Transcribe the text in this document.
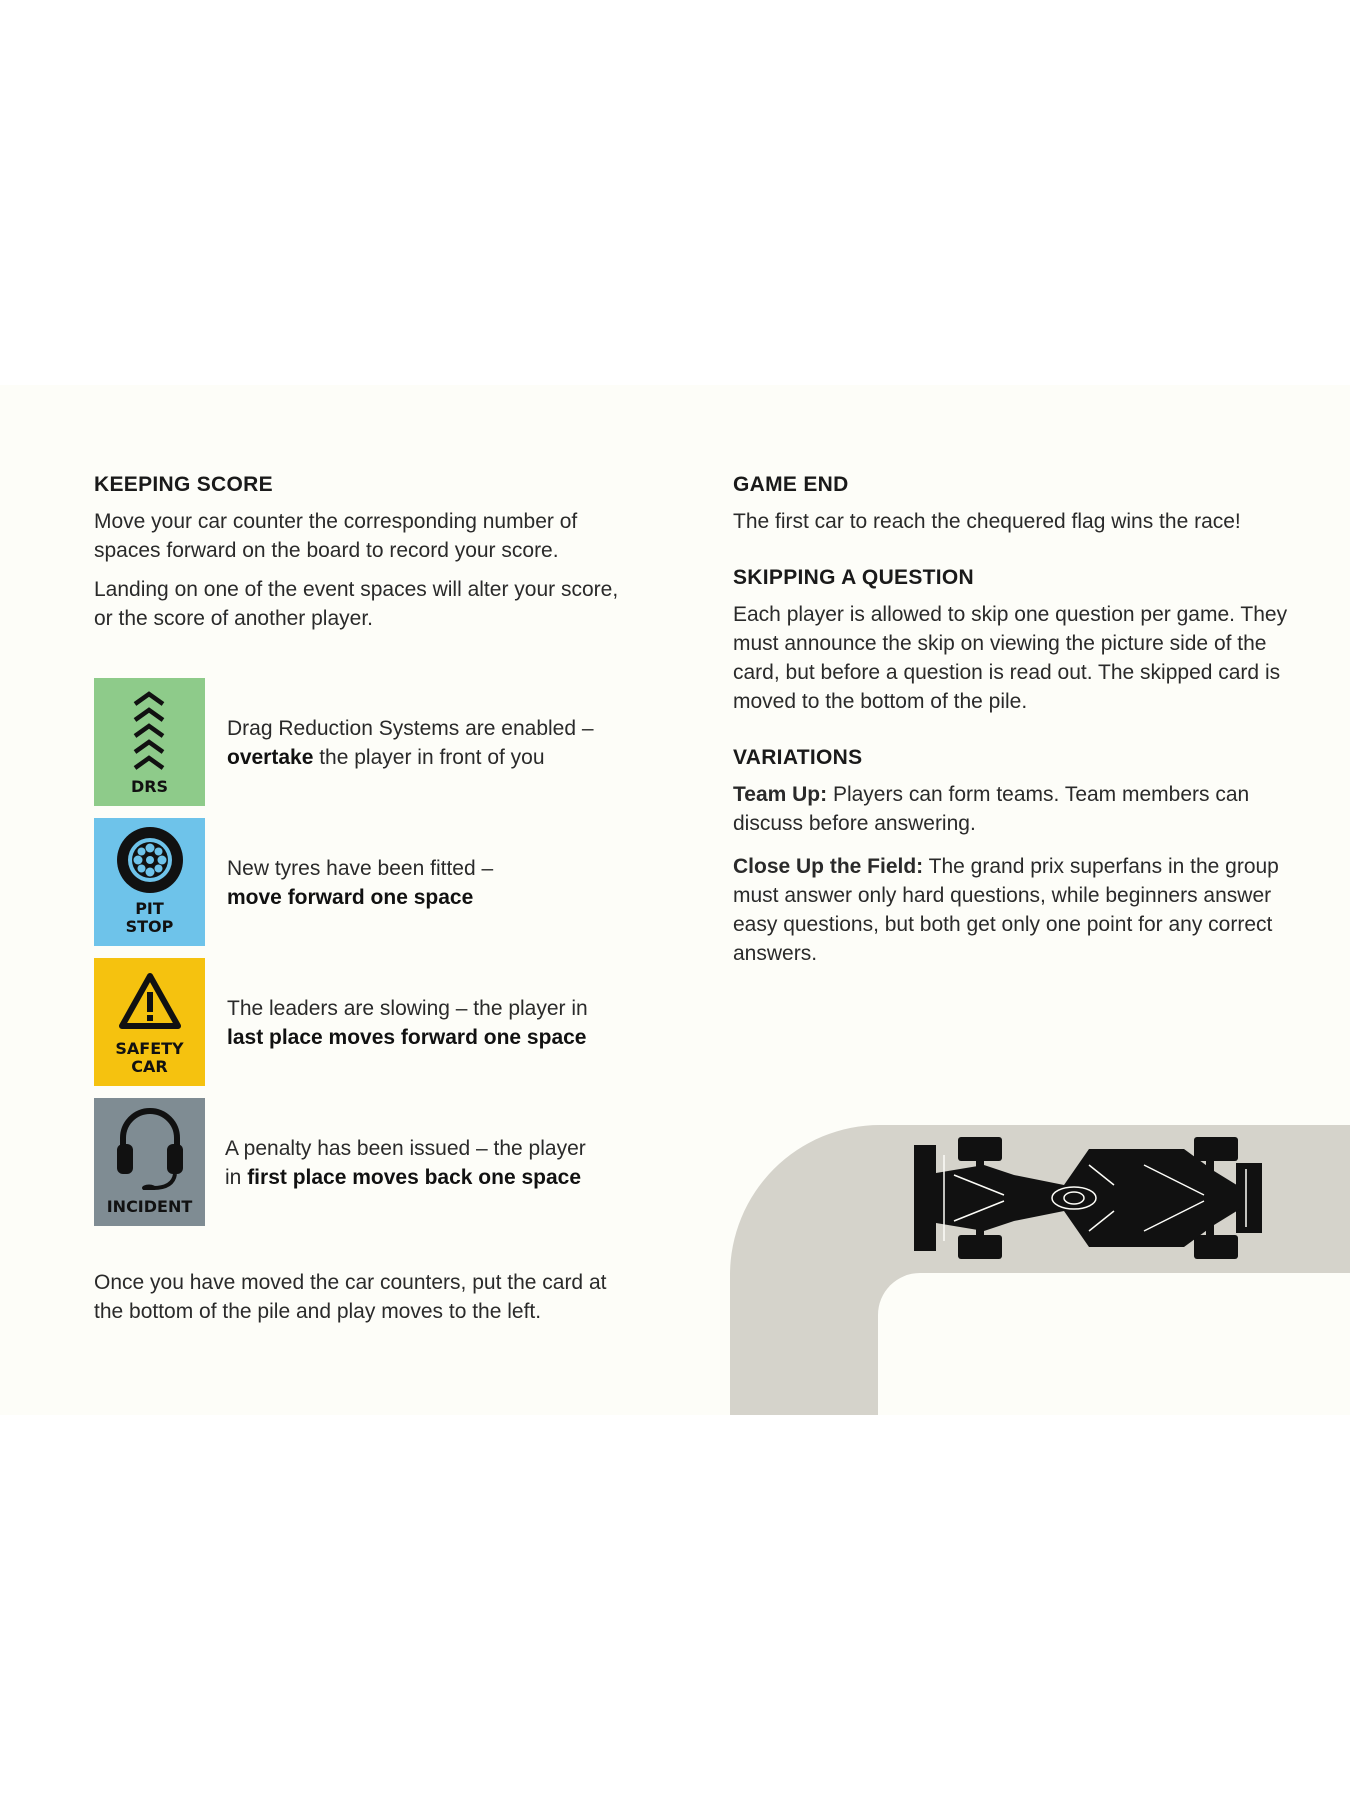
KEEPING SCORE

Move your car counter the corresponding number of spaces forward on the board to record your score.

Landing on one of the event spaces will alter your score, or the score of another player.

DRS
Drag Reduction Systems are enabled –
overtake the player in front of you
PIT
STOP
New tyres have been fitted –
move forward one space
SAFETY
CAR
The leaders are slowing – the player in
last place moves forward one space
INCIDENT
A penalty has been issued – the player
in first place moves back one space

Once you have moved the car counters, put the card at the bottom of the pile and play moves to the left.

GAME END

The first car to reach the chequered flag wins the race!

SKIPPING A QUESTION

Each player is allowed to skip one question per game. They must announce the skip on viewing the picture side of the card, but before a question is read out. The skipped card is moved to the bottom of the pile.

VARIATIONS

Team Up: Players can form teams. Team members can discuss before answering.

Close Up the Field: The grand prix superfans in the group must answer only hard questions, while beginners answer easy questions, but both get only one point for any correct answers.
